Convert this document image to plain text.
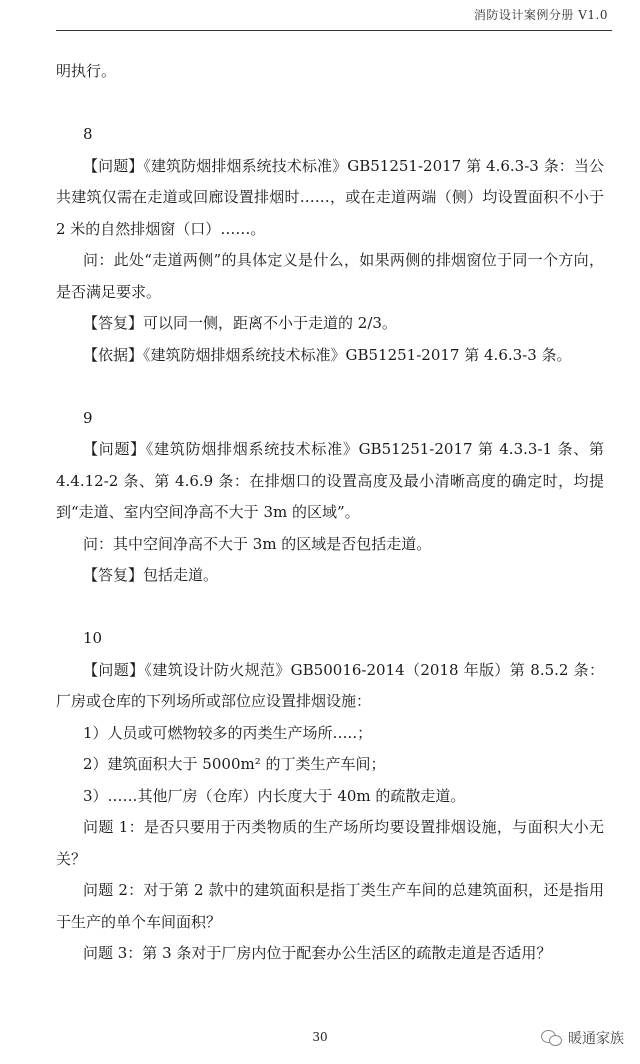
消防设计案例分册 V1.0

明执行。

8

【问题】《建筑防烟排烟系统技术标准》GB51251-2017 第 4.6.3-3 条：当公共建筑仅需在走道或回廊设置排烟时……，或在走道两端（侧）均设置面积不小于 2 米的自然排烟窗（口）……。

问：此处“走道两侧”的具体定义是什么，如果两侧的排烟窗位于同一个方向，是否满足要求。

【答复】可以同一侧，距离不小于走道的 2/3。

【依据】《建筑防烟排烟系统技术标准》GB51251-2017 第 4.6.3-3 条。

9

【问题】《建筑防烟排烟系统技术标准》GB51251-2017 第 4.3.3-1 条、第 4.4.12-2 条、第 4.6.9 条：在排烟口的设置高度及最小清晰高度的确定时，均提到“走道、室内空间净高不大于 3m 的区域”。

问：其中空间净高不大于 3m 的区域是否包括走道。

【答复】包括走道。

10

【问题】《建筑设计防火规范》GB50016-2014（2018 年版）第 8.5.2 条：厂房或仓库的下列场所或部位应设置排烟设施：

1）人员或可燃物较多的丙类生产场所…..；

2）建筑面积大于 5000m² 的丁类生产车间；

3）……其他厂房（仓库）内长度大于 40m 的疏散走道。

问题 1：是否只要用于丙类物质的生产场所均要设置排烟设施，与面积大小无关？

问题 2：对于第 2 款中的建筑面积是指丁类生产车间的总建筑面积，还是指用于生产的单个车间面积？

问题 3：第 3 条对于厂房内位于配套办公生活区的疏散走道是否适用？

30	暖通家族
